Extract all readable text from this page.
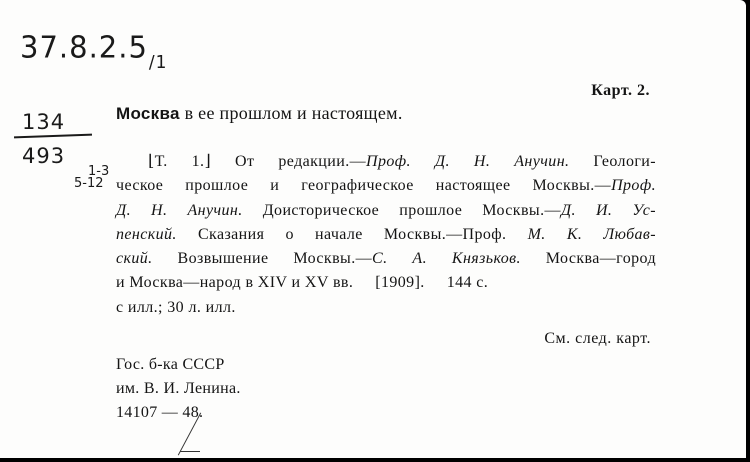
$37.8.2.5_{/1}$
134
493
1-3
5-12
Карт. 2.
Москва в ее прошлом и настоящем.
⌊Т. 1.⌋ От редакции.—Проф. Д. Н. Анучин. Геологи-
ческое прошлое и географическое настоящее Москвы.—Проф.
Д. Н. Анучин. Доисторическое прошлое Москвы.—Д. И. Ус-
пенский. Сказания о начале Москвы.—Проф. М. К. Любав-
ский. Возвышение Москвы.—С. А. Князьков. Москва—город
и Москва—народ в XIV и XV вв.     [1909].     144 с.
с илл.; 30 л. илл.
См. след. карт.
Гос. б-ка СССР
им. В. И. Ленина.
14107 — 48.
